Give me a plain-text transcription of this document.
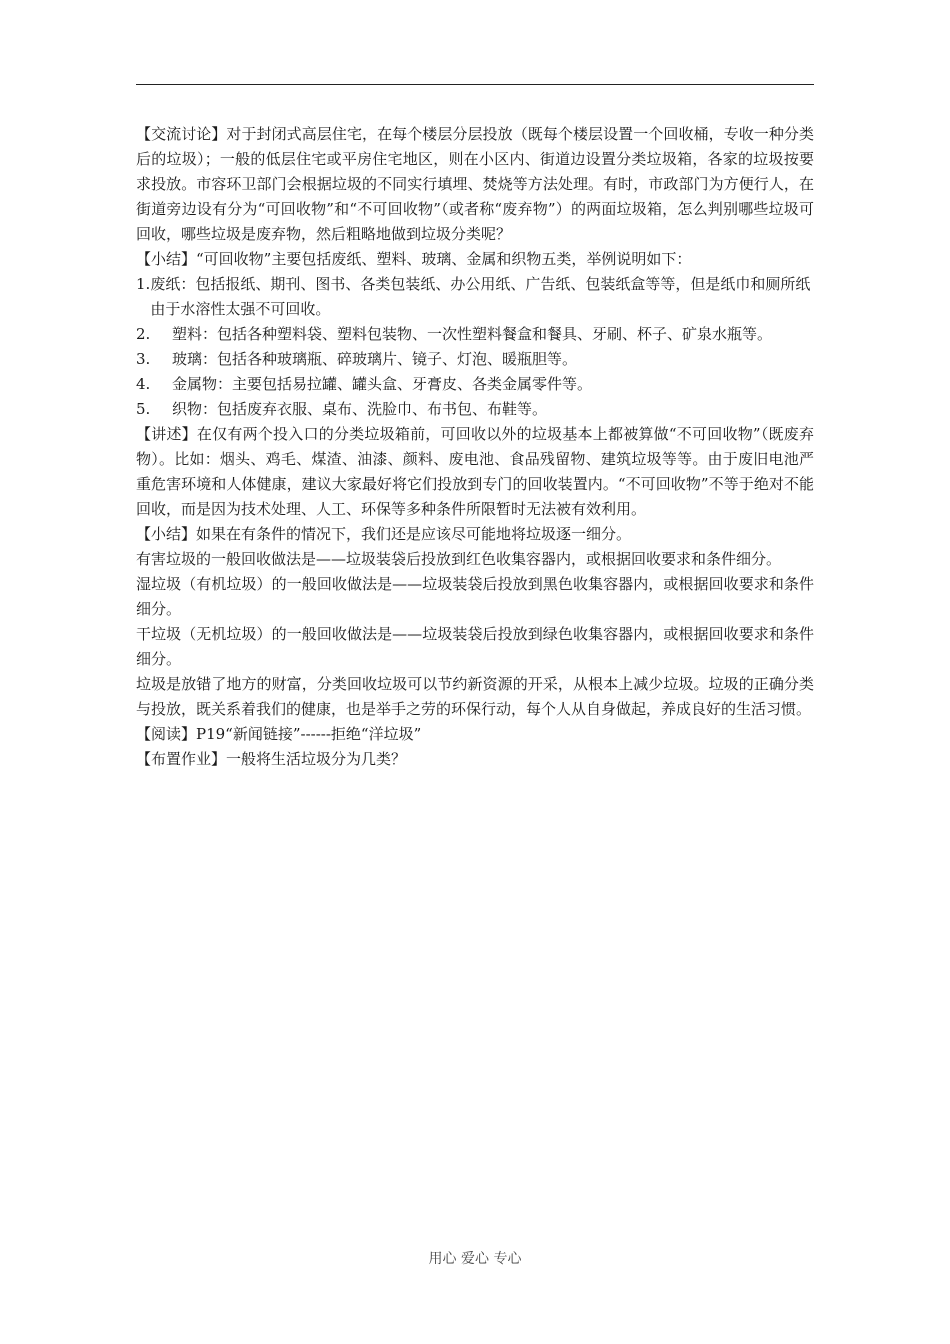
【交流讨论】对于封闭式高层住宅，在每个楼层分层投放（既每个楼层设置一个回收桶，专收一种分类后的垃圾）；一般的低层住宅或平房住宅地区，则在小区内、街道边设置分类垃圾箱，各家的垃圾按要求投放。市容环卫部门会根据垃圾的不同实行填埋、焚烧等方法处理。有时，市政部门为方便行人，在街道旁边设有分为“可回收物”和“不可回收物”（或者称“废弃物”）的两面垃圾箱，怎么判别哪些垃圾可回收，哪些垃圾是废弃物，然后粗略地做到垃圾分类呢？

【小结】“可回收物”主要包括废纸、塑料、玻璃、金属和织物五类，举例说明如下：

1. 废纸：包括报纸、期刊、图书、各类包装纸、办公用纸、广告纸、包装纸盒等等，但是纸巾和厕所纸由于水溶性太强不可回收。
2.	塑料：包括各种塑料袋、塑料包装物、一次性塑料餐盒和餐具、牙刷、杯子、矿泉水瓶等。
3.	玻璃：包括各种玻璃瓶、碎玻璃片、镜子、灯泡、暖瓶胆等。
4.	金属物：主要包括易拉罐、罐头盒、牙膏皮、各类金属零件等。
5.	织物：包括废弃衣服、桌布、洗脸巾、布书包、布鞋等。

【讲述】在仅有两个投入口的分类垃圾箱前，可回收以外的垃圾基本上都被算做“不可回收物”（既废弃物）。比如：烟头、鸡毛、煤渣、油漆、颜料、废电池、食品残留物、建筑垃圾等等。由于废旧电池严重危害环境和人体健康，建议大家最好将它们投放到专门的回收装置内。“不可回收物”不等于绝对不能回收，而是因为技术处理、人工、环保等多种条件所限暂时无法被有效利用。

【小结】如果在有条件的情况下，我们还是应该尽可能地将垃圾逐一细分。

有害垃圾的一般回收做法是——垃圾装袋后投放到红色收集容器内，或根据回收要求和条件细分。

湿垃圾（有机垃圾）的一般回收做法是——垃圾装袋后投放到黑色收集容器内，或根据回收要求和条件细分。

干垃圾（无机垃圾）的一般回收做法是——垃圾装袋后投放到绿色收集容器内，或根据回收要求和条件细分。

垃圾是放错了地方的财富，分类回收垃圾可以节约新资源的开采，从根本上减少垃圾。垃圾的正确分类与投放，既关系着我们的健康，也是举手之劳的环保行动，每个人从自身做起，养成良好的生活习惯。

【阅读】P19“新闻链接”------拒绝“洋垃圾”

【布置作业】一般将生活垃圾分为几类？

用心 爱心 专心
